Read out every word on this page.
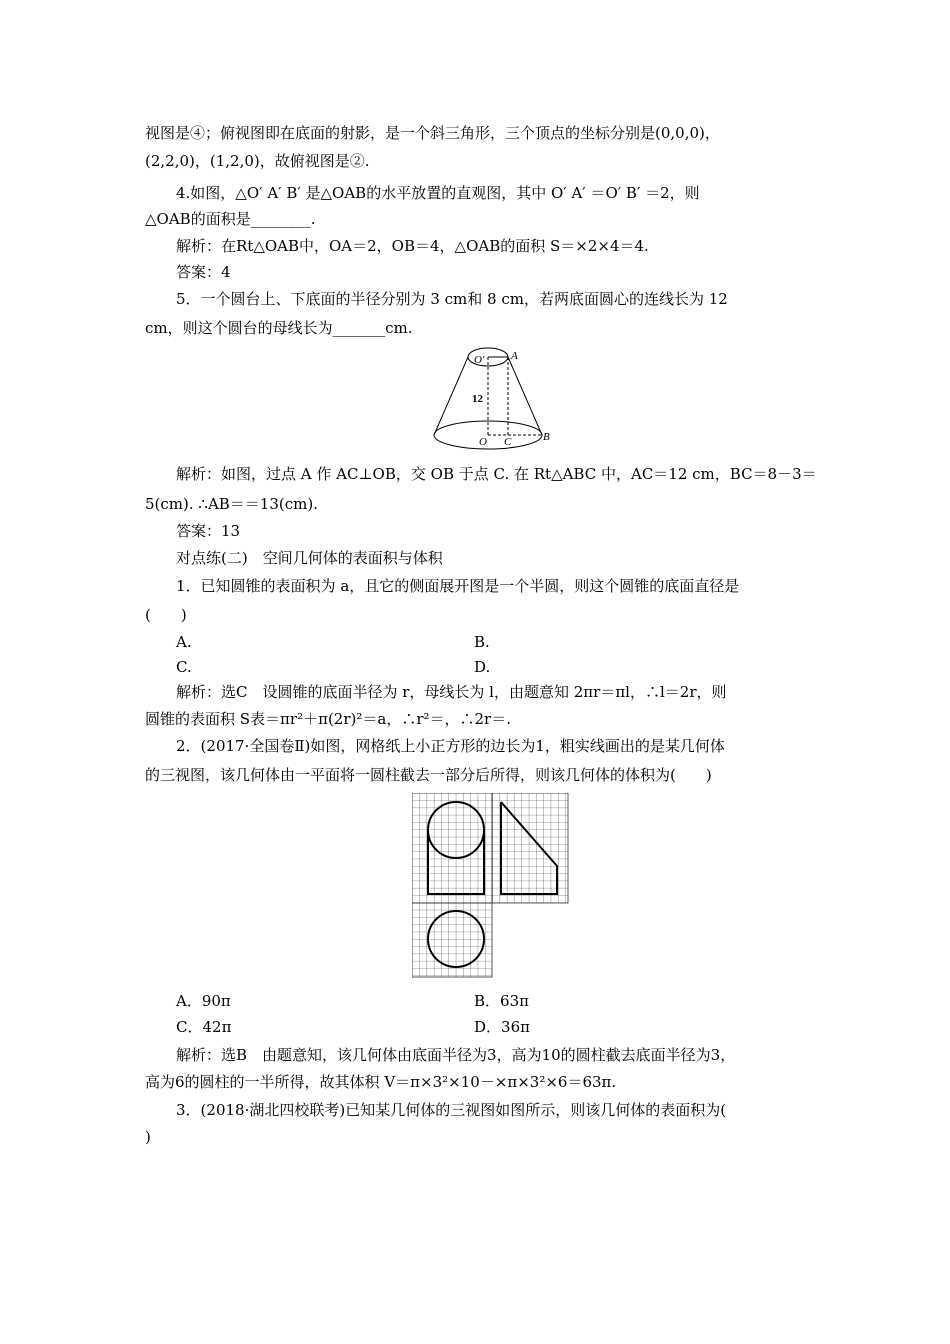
视图是④；俯视图即在底面的射影，是一个斜三角形，三个顶点的坐标分别是(0,0,0)，
(2,2,0)，(1,2,0)，故俯视图是②.
4.如图，△O′ A′ B′ 是△OAB的水平放置的直观图，其中 O′ A′ ＝O′ B′ ＝2，则
△OAB的面积是________.
解析：在Rt△OAB中，OA＝2，OB＝4，△OAB的面积 S＝×2×4＝4.
答案：4
5．一个圆台上、下底面的半径分别为 3 cm和 8 cm，若两底面圆心的连线长为 12
cm，则这个圆台的母线长为_______cm.
O′ A
12
O C	B
解析：如图，过点 A 作 AC⊥OB，交 OB 于点 C. 在 Rt△ABC 中，AC＝12 cm，BC＝8－3＝
5(cm). ∴AB＝＝13(cm).
答案：13
对点练(二)　空间几何体的表面积与体积
1．已知圆锥的表面积为 a，且它的侧面展开图是一个半圆，则这个圆锥的底面直径是
(　　)
A.	B.
C.	D.
解析：选C　设圆锥的底面半径为 r，母线长为 l，由题意知 2πr＝πl，∴l＝2r，则
圆锥的表面积 S表＝πr²＋π(2r)²＝a，∴r²＝，∴2r＝.
2．(2017·全国卷Ⅱ)如图，网格纸上小正方形的边长为1，粗实线画出的是某几何体
的三视图，该几何体由一平面将一圆柱截去一部分后所得，则该几何体的体积为(　　)
A．90π	B．63π
C．42π	D．36π
解析：选B　由题意知，该几何体由底面半径为3，高为10的圆柱截去底面半径为3，
高为6的圆柱的一半所得，故其体积 V＝π×3²×10－×π×3²×6＝63π.
3．(2018·湖北四校联考)已知某几何体的三视图如图所示，则该几何体的表面积为(
)
